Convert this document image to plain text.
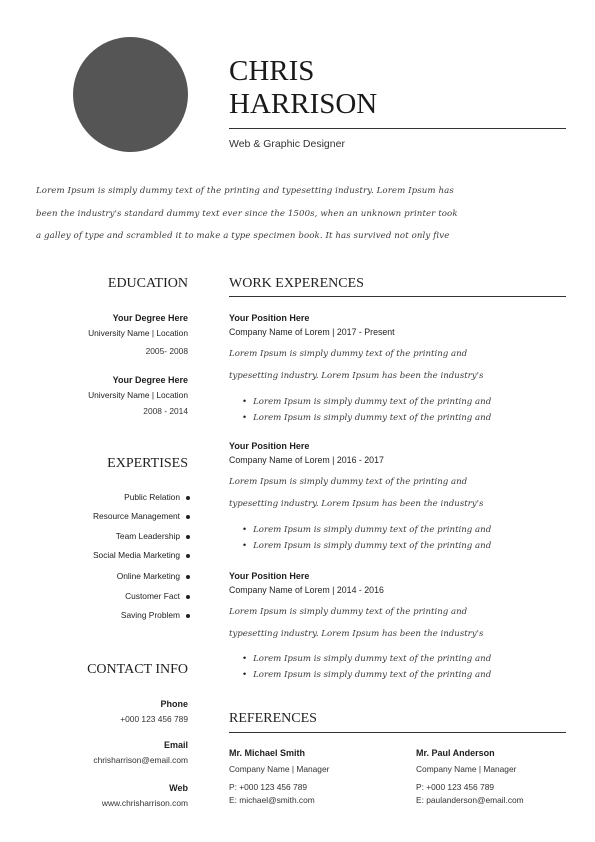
CHRIS
HARRISON
Web & Graphic Designer
Lorem Ipsum is simply dummy text of the printing and typesetting industry. Lorem Ipsum has
been the industry's standard dummy text ever since the 1500s, when an unknown printer took
a galley of type and scrambled it to make a type specimen book. It has survived not only five
EDUCATION
Your Degree Here
University Name | Location
2005- 2008
Your Degree Here
University Name | Location
2008 - 2014
EXPERTISES
Public Relation
Resource Management
Team Leadership
Social Media Marketing
Online Marketing
Customer Fact
Saving Problem
CONTACT INFO
Phone
+000 123 456 789
Email
chrisharrison@email.com
Web
www.chrisharrison.com
WORK EXPERENCES
Your Position Here
Company Name of Lorem | 2017 - Present
Lorem Ipsum is simply dummy text of the printing and
typesetting industry. Lorem Ipsum has been the industry's
• Lorem Ipsum is simply dummy text of the printing and
• Lorem Ipsum is simply dummy text of the printing and
Your Position Here
Company Name of Lorem | 2016 - 2017
Lorem Ipsum is simply dummy text of the printing and
typesetting industry. Lorem Ipsum has been the industry's
• Lorem Ipsum is simply dummy text of the printing and
• Lorem Ipsum is simply dummy text of the printing and
Your Position Here
Company Name of Lorem | 2014 - 2016
Lorem Ipsum is simply dummy text of the printing and
typesetting industry. Lorem Ipsum has been the industry's
• Lorem Ipsum is simply dummy text of the printing and
• Lorem Ipsum is simply dummy text of the printing and
REFERENCES
Mr. Michael Smith
Company Name | Manager
P: +000 123 456 789
E: michael@smith.com
Mr. Paul Anderson
Company Name | Manager
P: +000 123 456 789
E: paulanderson@email.com
